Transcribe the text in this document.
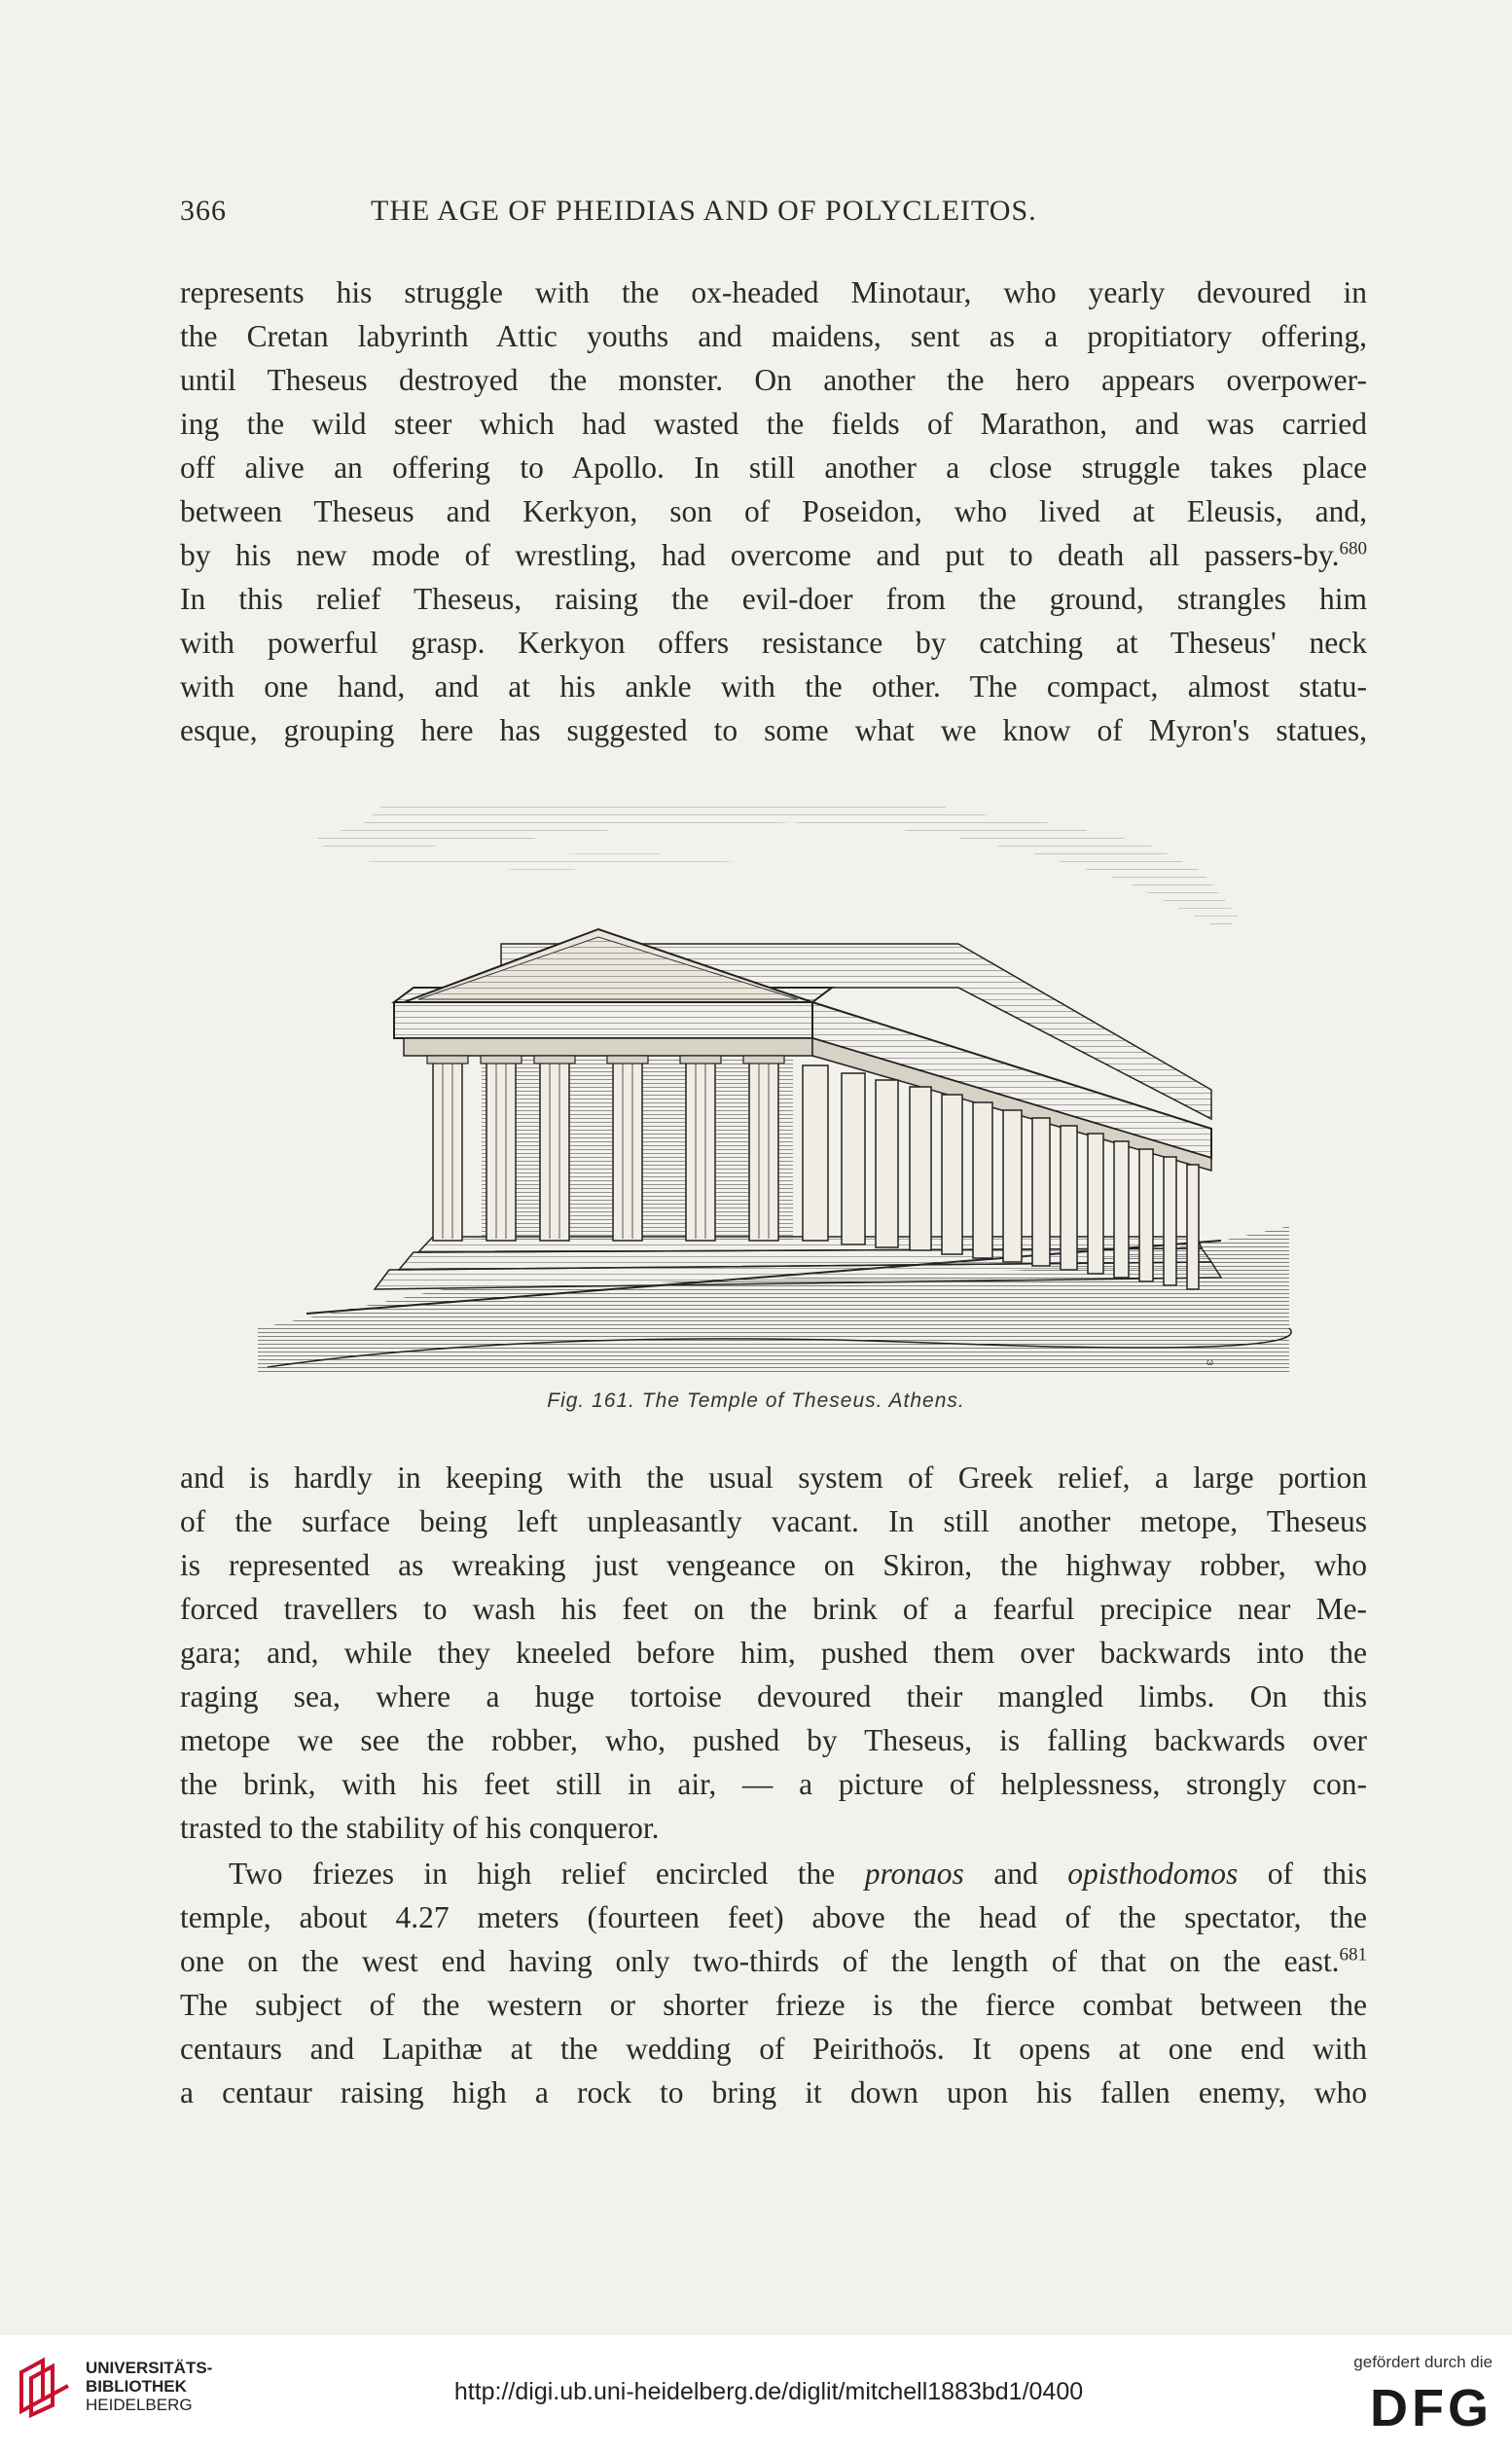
366	THE AGE OF PHEIDIAS AND OF POLYCLEITOS.
represents his struggle with the ox-headed Minotaur, who yearly devoured in
the Cretan labyrinth Attic youths and maidens, sent as a propitiatory offering,
until Theseus destroyed the monster. On another the hero appears overpower-
ing the wild steer which had wasted the fields of Marathon, and was carried
off alive an offering to Apollo. In still another a close struggle takes place
between Theseus and Kerkyon, son of Poseidon, who lived at Eleusis, and,
by his new mode of wrestling, had overcome and put to death all passers-by.$^{680}$
In this relief Theseus, raising the evil-doer from the ground, strangles him
with powerful grasp. Kerkyon offers resistance by catching at Theseus' neck
with one hand, and at his ankle with the other. The compact, almost statu-
esque, grouping here has suggested to some what we know of Myron's statues,
ω
Fig. 161. The Temple of Theseus. Athens.
and is hardly in keeping with the usual system of Greek relief, a large portion
of the surface being left unpleasantly vacant. In still another metope, Theseus
is represented as wreaking just vengeance on Skiron, the highway robber, who
forced travellers to wash his feet on the brink of a fearful precipice near Me-
gara; and, while they kneeled before him, pushed them over backwards into the
raging sea, where a huge tortoise devoured their mangled limbs. On this
metope we see the robber, who, pushed by Theseus, is falling backwards over
the brink, with his feet still in air, — a picture of helplessness, strongly con-
trasted to the stability of his conqueror.
Two friezes in high relief encircled the pronaos and opisthodomos of this
temple, about 4.27 meters (fourteen feet) above the head of the spectator, the
one on the west end having only two-thirds of the length of that on the east.$^{681}$
The subject of the western or shorter frieze is the fierce combat between the
centaurs and Lapithæ at the wedding of Peirithoös. It opens at one end with
a centaur raising high a rock to bring it down upon his fallen enemy, who
UNIVERSITÄTS-
BIBLIOTHEK
HEIDELBERG	http://digi.ub.uni-heidelberg.de/diglit/mitchell1883bd1/0400
gefördert durch die
DFG
